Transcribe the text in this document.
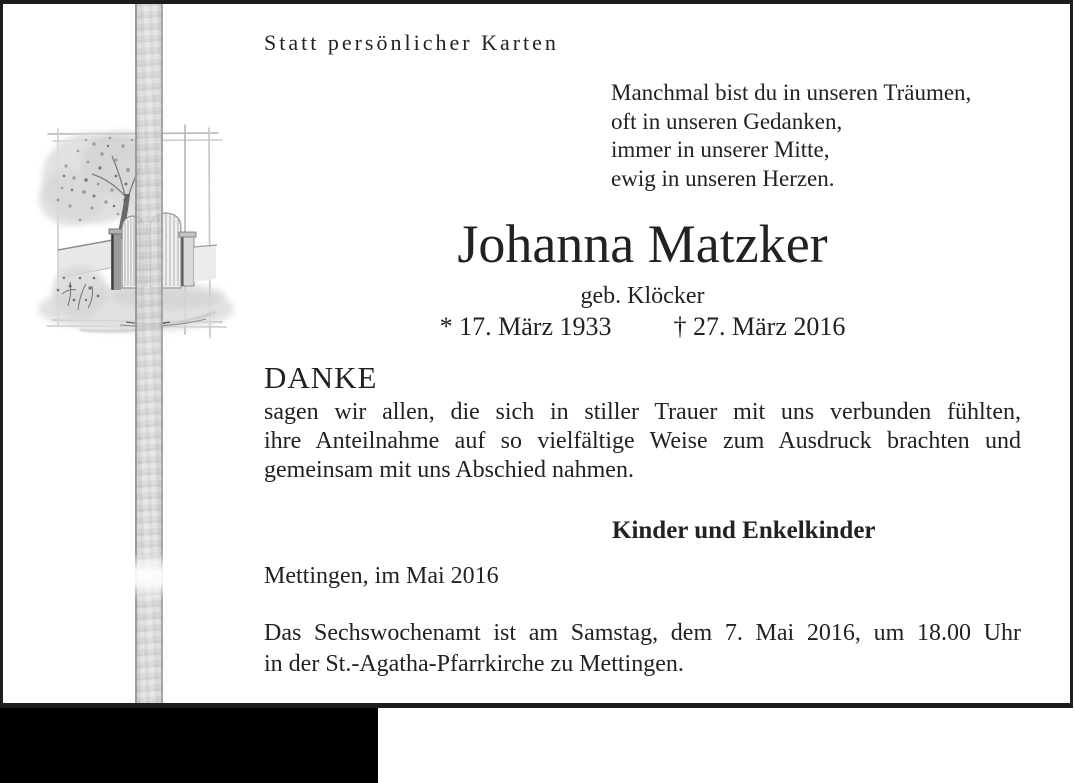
Statt persönlicher Karten
Manchmal bist du in unseren Träumen,
oft in unseren Gedanken,
immer in unserer Mitte,
ewig in unseren Herzen.
Johanna Matzker
geb. Klöcker
* 17. März 1933 † 27. März 2016
DANKE
sagen wir allen, die sich in stiller Trauer mit uns verbunden fühlten,
ihre Anteilnahme auf so vielfältige Weise zum Ausdruck brachten und
gemeinsam mit uns Abschied nahmen.
Kinder und Enkelkinder
Mettingen, im Mai 2016
Das Sechswochenamt ist am Samstag, dem 7. Mai 2016, um 18.00 Uhr
in der St.-Agatha-Pfarrkirche zu Mettingen.
